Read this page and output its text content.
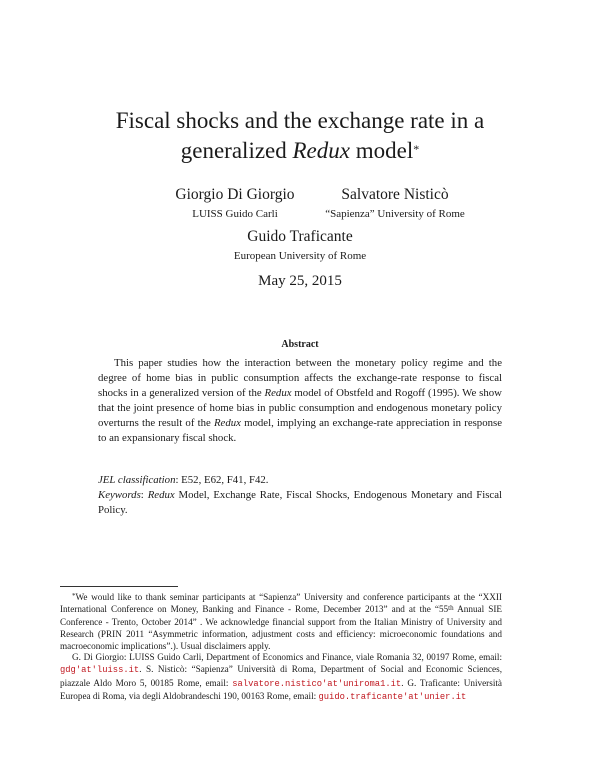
Fiscal shocks and the exchange rate in a
generalized Redux model*
Giorgio Di Giorgio
LUISS Guido Carli
Salvatore Nisticò
“Sapienza” University of Rome
Guido Traficante
European University of Rome
May 25, 2015
Abstract
This paper studies how the interaction between the monetary policy regime and the degree of home bias in public consumption affects the exchange-rate response to fiscal shocks in a generalized version of the Redux model of Obstfeld and Rogoff (1995). We show that the joint presence of home bias in public consumption and endogenous monetary policy overturns the result of the Redux model, implying an exchange-rate appreciation in response to an expansionary fiscal shock.
JEL classification: E52, E62, F41, F42.
Keywords: Redux Model, Exchange Rate, Fiscal Shocks, Endogenous Monetary and Fiscal Policy.
*We would like to thank seminar participants at “Sapienza” University and conference participants at the “XXII International Conference on Money, Banking and Finance - Rome, December 2013” and at the “55th Annual SIE Conference - Trento, October 2014” . We acknowledge financial support from the Italian Ministry of University and Research (PRIN 2011 “Asymmetric information, adjustment costs and efficiency: microeconomic foundations and macroeconomic implications”.). Usual disclaimers apply.
G. Di Giorgio: LUISS Guido Carli, Department of Economics and Finance, viale Romania 32, 00197 Rome, email: gdg'at'luiss.it. S. Nisticò: “Sapienza” Università di Roma, Department of Social and Economic Sciences, piazzale Aldo Moro 5, 00185 Rome, email: salvatore.nistico'at'uniroma1.it. G. Traficante: Università Europea di Roma, via degli Aldobrandeschi 190, 00163 Rome, email: guido.traficante'at'unier.it
